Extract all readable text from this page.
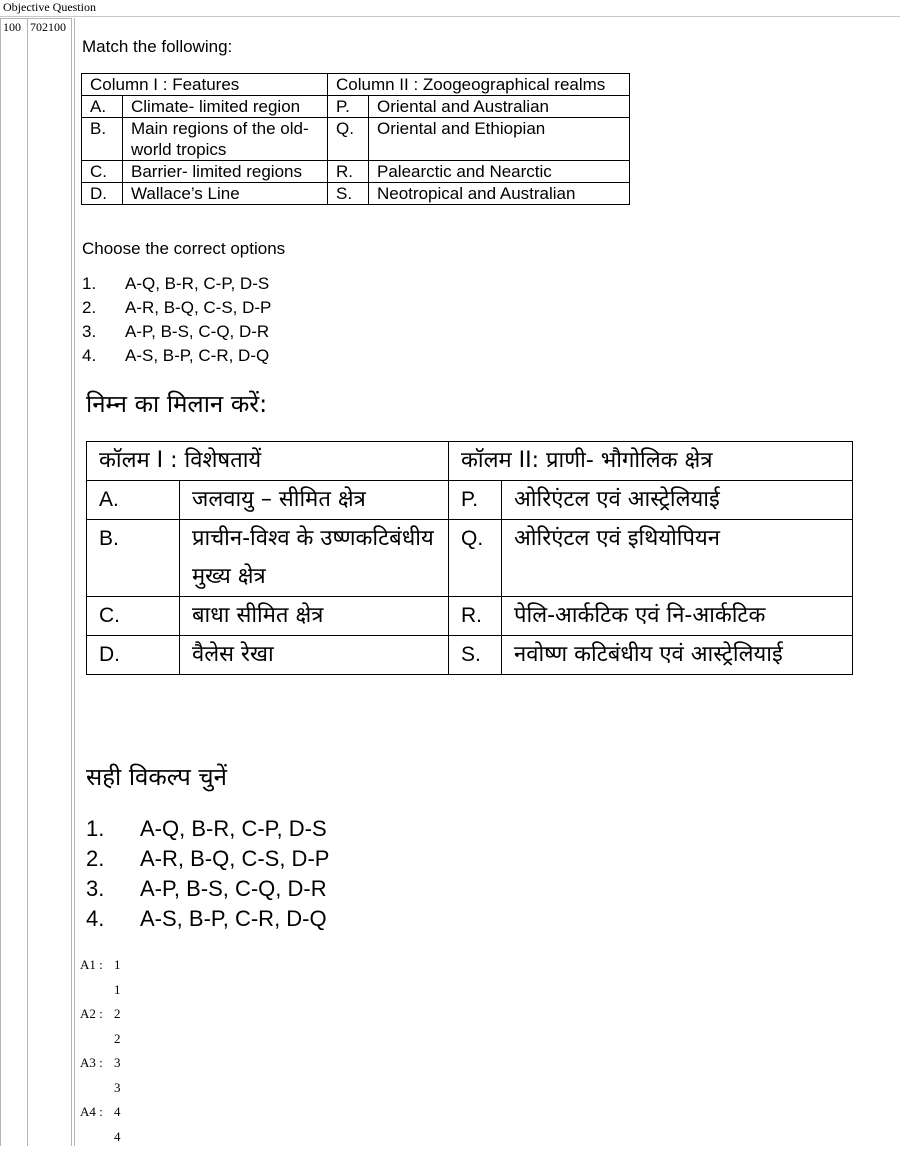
Objective Question
100 702100
Match the following:
Column I : Features		Column II : Zoogeographical realms	
A.	Climate- limited region	P.	Oriental and Australian
B.	Main regions of the old-world tropics	Q.	Oriental and Ethiopian
C.	Barrier- limited regions	R.	Palearctic and Nearctic
D.	Wallace’s Line	S.	Neotropical and Australian
Choose the correct options
1.	A-Q, B-R, C-P, D-S
2.	A-R, B-Q, C-S, D-P
3.	A-P, B-S, C-Q, D-R
4.	A-S, B-P, C-R, D-Q
निम्न का मिलान करें:
कॉलम I : विशेषतायें		कॉलम II: प्राणी- भौगोलिक क्षेत्र	
A.	जलवायु – सीमित क्षेत्र	P.	ओरिएंटल एवं आस्ट्रेलियाई
B.	प्राचीन-विश्व के उष्णकटिबंधीय मुख्य क्षेत्र	Q.	ओरिएंटल एवं इथियोपियन
C.	बाधा सीमित क्षेत्र	R.	पेलि-आर्कटिक एवं नि-आर्कटिक
D.	वैलेस रेखा	S.	नवोष्ण कटिबंधीय एवं आस्ट्रेलियाई
सही विकल्प चुनें
1.	A-Q, B-R, C-P, D-S
2.	A-R, B-Q, C-S, D-P
3.	A-P, B-S, C-Q, D-R
4.	A-S, B-P, C-R, D-Q
A1 : 1
1
A2 : 2
2
A3 : 3
3
A4 : 4
4
